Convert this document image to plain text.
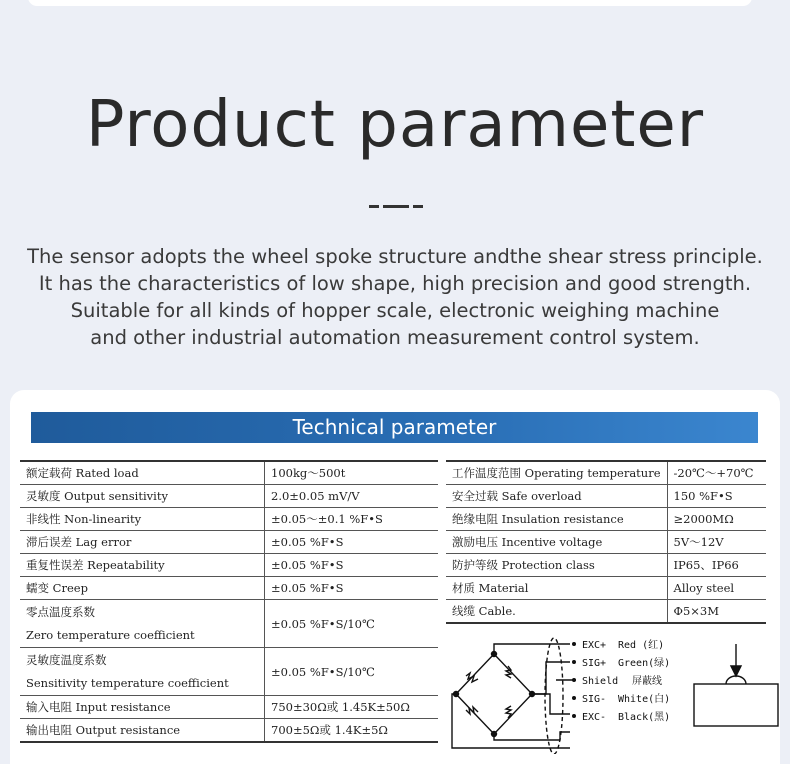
Product parameter
The sensor adopts the wheel spoke structure andthe shear stress principle.
It has the characteristics of low shape, high precision and good strength.
Suitable for all kinds of hopper scale, electronic weighing machine
and other industrial automation measurement control system.
Technical parameter
额定载荷 Rated load	100kg～500t
灵敏度 Output sensitivity	2.0±0.05 mV/V
非线性 Non-linearity	±0.05～±0.1 %F•S
滞后误差 Lag error	±0.05 %F•S
重复性误差 Repeatability	±0.05 %F•S
蠕变 Creep	±0.05 %F•S

零点温度系数
Zero temperature coefficient	±0.05 %F•S/10℃

灵敏度温度系数
Sensitivity temperature coefficient	±0.05 %F•S/10℃
输入电阻 Input resistance	750±30Ω或 1.45K±50Ω
输出电阻 Output resistance	700±5Ω或 1.4K±5Ω
工作温度范围 Operating temperature	-20℃～+70℃
安全过载 Safe overload	150 %F•S
绝缘电阻 Insulation resistance	≥2000MΩ
激励电压 Incentive voltage	5V～12V
防护等级 Protection class	IP65、IP66
材质 Material	Alloy steel
线缆 Cable.	Φ5×3M
EXC+ Red (红)
SIG+ Green(绿)
Shield 屏蔽线
SIG- White(白)
EXC- Black(黑)
